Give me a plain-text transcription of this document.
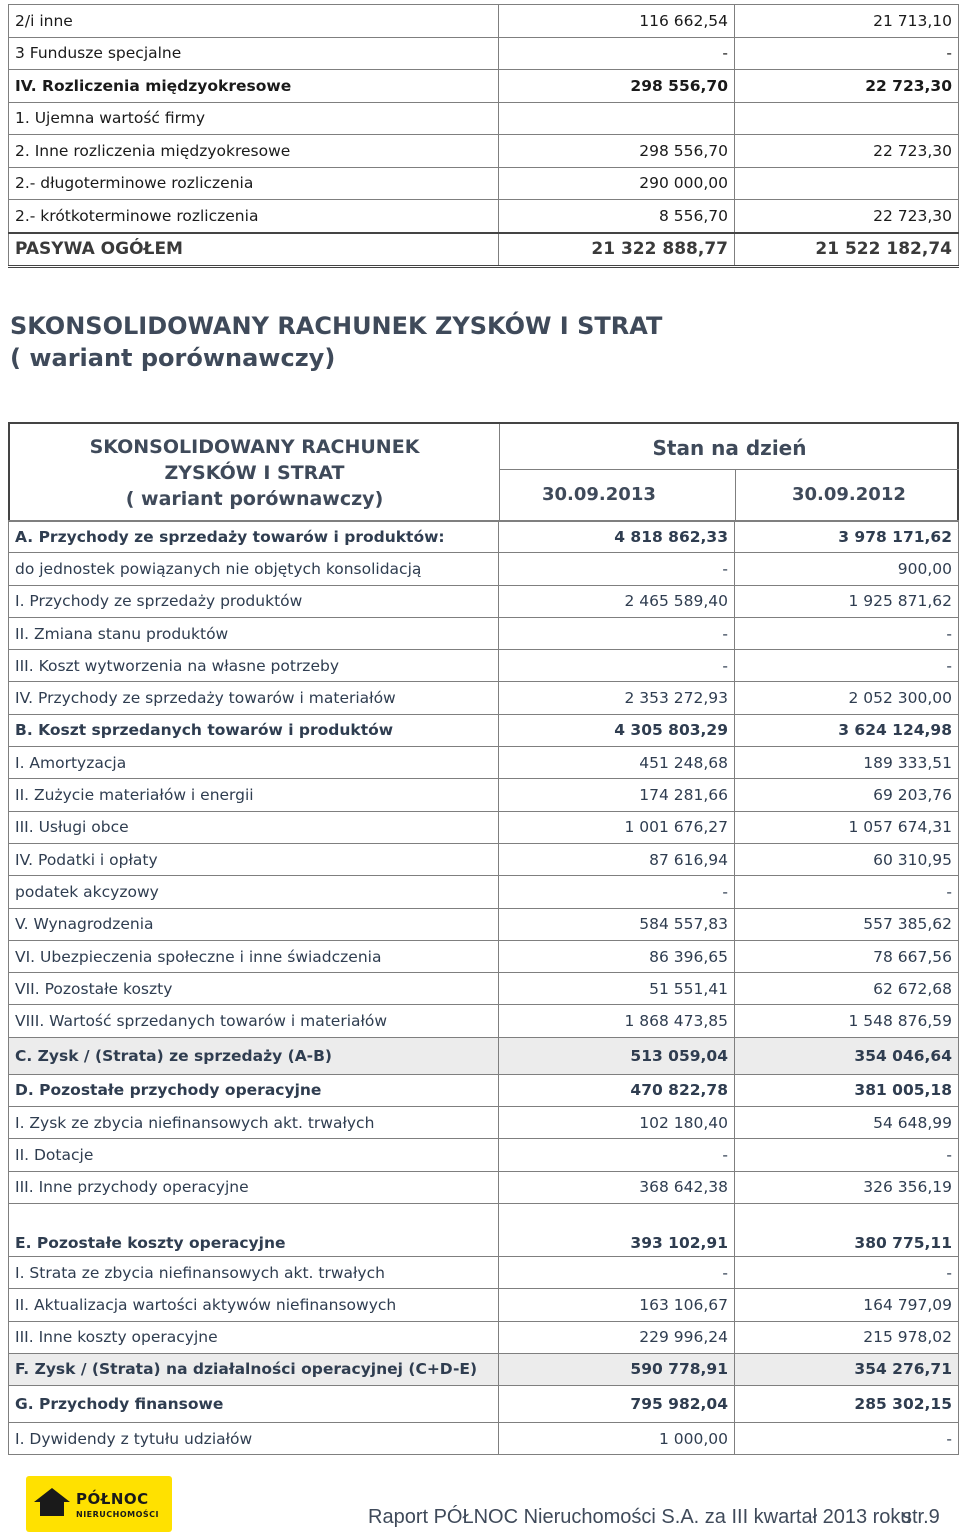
2/i inne	116 662,54	21 713,10
3 Fundusze specjalne	-	-
IV. Rozliczenia międzyokresowe	298 556,70	22 723,30
1. Ujemna wartość firmy		
2. Inne rozliczenia międzyokresowe	298 556,70	22 723,30
2.- długoterminowe rozliczenia	290 000,00	
2.- krótkoterminowe rozliczenia	8 556,70	22 723,30
PASYWA OGÓŁEM	21 322 888,77	21 522 182,74
SKONSOLIDOWANY RACHUNEK ZYSKÓW I STRAT
( wariant porównawczy)
SKONSOLIDOWANY RACHUNEK
ZYSKÓW I STRAT
( wariant porównawczy)
Stan na dzień
30.09.2013	30.09.2012
A. Przychody ze sprzedaży towarów i produktów:	4 818 862,33	3 978 171,62
do jednostek powiązanych nie objętych konsolidacją	-	900,00
I. Przychody ze sprzedaży produktów	2 465 589,40	1 925 871,62
II. Zmiana stanu produktów	-	-
III. Koszt wytworzenia na własne potrzeby	-	-
IV. Przychody ze sprzedaży towarów i materiałów	2 353 272,93	2 052 300,00
B. Koszt sprzedanych towarów i produktów	4 305 803,29	3 624 124,98
I. Amortyzacja	451 248,68	189 333,51
II. Zużycie materiałów i energii	174 281,66	69 203,76
III. Usługi obce	1 001 676,27	1 057 674,31
IV. Podatki i opłaty	87 616,94	60 310,95
podatek akcyzowy	-	-
V. Wynagrodzenia	584 557,83	557 385,62
VI. Ubezpieczenia społeczne i inne świadczenia	86 396,65	78 667,56
VII. Pozostałe koszty	51 551,41	62 672,68
VIII. Wartość sprzedanych towarów i materiałów	1 868 473,85	1 548 876,59
C. Zysk / (Strata) ze sprzedaży (A-B)	513 059,04	354 046,64
D. Pozostałe przychody operacyjne	470 822,78	381 005,18
I. Zysk ze zbycia niefinansowych akt. trwałych	102 180,40	54 648,99
II. Dotacje	-	-
III. Inne przychody operacyjne	368 642,38	326 356,19
E. Pozostałe koszty operacyjne	393 102,91	380 775,11
I. Strata ze zbycia niefinansowych akt. trwałych	-	-
II. Aktualizacja wartości aktywów niefinansowych	163 106,67	164 797,09
III. Inne koszty operacyjne	229 996,24	215 978,02
F. Zysk / (Strata) na działalności operacyjnej (C+D-E)	590 778,91	354 276,71
G. Przychody finansowe	795 982,04	285 302,15
I. Dywidendy z tytułu udziałów	1 000,00	-
PÓŁNOC
NIERUCHOMOŚCI	Raport PÓŁNOC Nieruchomości S.A. za III kwartał 2013 roku
str.9
